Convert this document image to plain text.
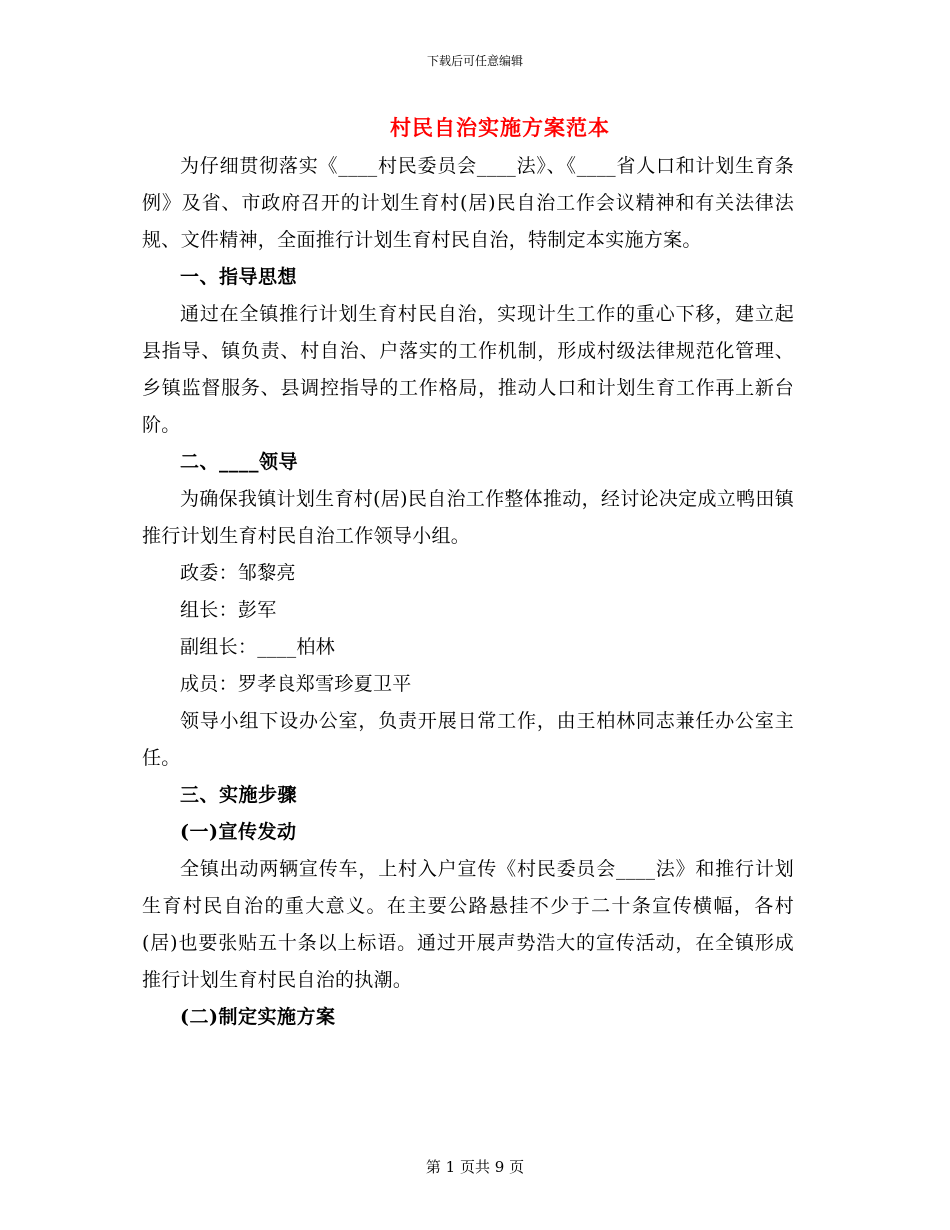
下载后可任意编辑
村民自治实施方案范本

为仔细贯彻落实《____村民委员会____法》、《____省人口和计划生育条例》及省、市政府召开的计划生育村(居)民自治工作会议精神和有关法律法规、文件精神，全面推行计划生育村民自治，特制定本实施方案。

一、指导思想

通过在全镇推行计划生育村民自治，实现计生工作的重心下移，建立起县指导、镇负责、村自治、户落实的工作机制，形成村级法律规范化管理、乡镇监督服务、县调控指导的工作格局，推动人口和计划生育工作再上新台阶。

二、____领导

为确保我镇计划生育村(居)民自治工作整体推动，经讨论决定成立鸭田镇推行计划生育村民自治工作领导小组。

政委：邹黎亮

组长：彭军

副组长：____柏林

成员：罗孝良郑雪珍夏卫平

领导小组下设办公室，负责开展日常工作，由王柏林同志兼任办公室主任。

三、实施步骤

(一)宣传发动

全镇出动两辆宣传车，上村入户宣传《村民委员会____法》和推行计划生育村民自治的重大意义。在主要公路悬挂不少于二十条宣传横幅，各村(居)也要张贴五十条以上标语。通过开展声势浩大的宣传活动，在全镇形成推行计划生育村民自治的执潮。

(二)制定实施方案

第 1 页共 9 页
